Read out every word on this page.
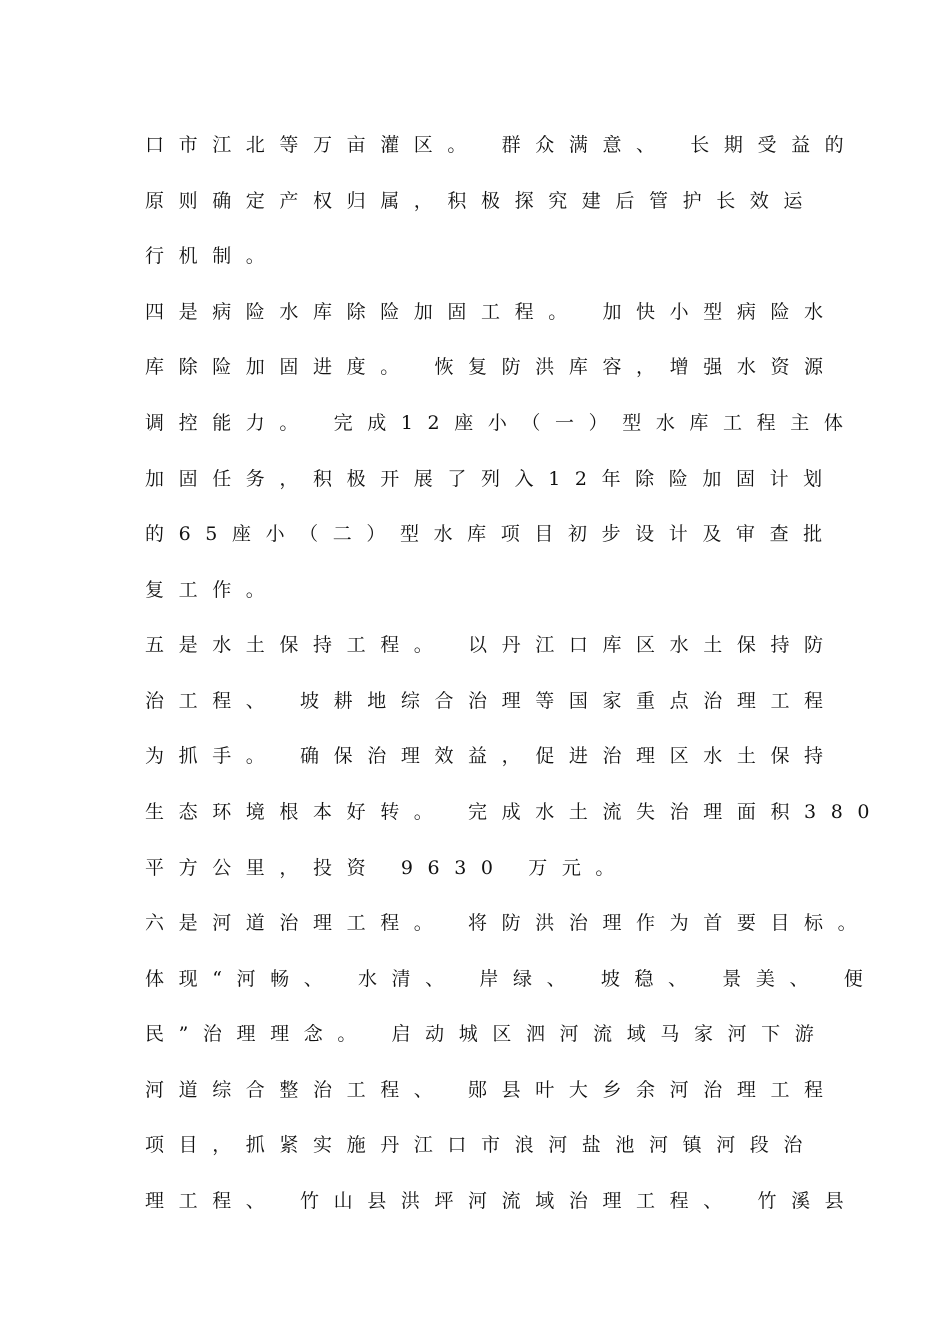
口市江北等万亩灌区。 群众满意、 长期受益的
原则确定产权归属，积极探究建后管护长效运
行机制。
四是病险水库除险加固工程。 加快小型病险水
库除险加固进度。 恢复防洪库容，增强水资源
调控能力。 完成12座小（一）型水库工程主体
加固任务，积极开展了列入12年除险加固计划
的65座小（二）型水库项目初步设计及审查批
复工作。
五是水土保持工程。 以丹江口库区水土保持防
治工程、 坡耕地综合治理等国家重点治理工程
为抓手。 确保治理效益，促进治理区水土保持
生态环境根本好转。 完成水土流失治理面积380
平方公里，投资 9630 万元。
六是河道治理工程。 将防洪治理作为首要目标。
体现“河畅、 水清、 岸绿、 坡稳、 景美、 便
民”治理理念。 启动城区泗河流域马家河下游
河道综合整治工程、 郧县叶大乡余河治理工程
项目，抓紧实施丹江口市浪河盐池河镇河段治
理工程、 竹山县洪坪河流域治理工程、 竹溪县
